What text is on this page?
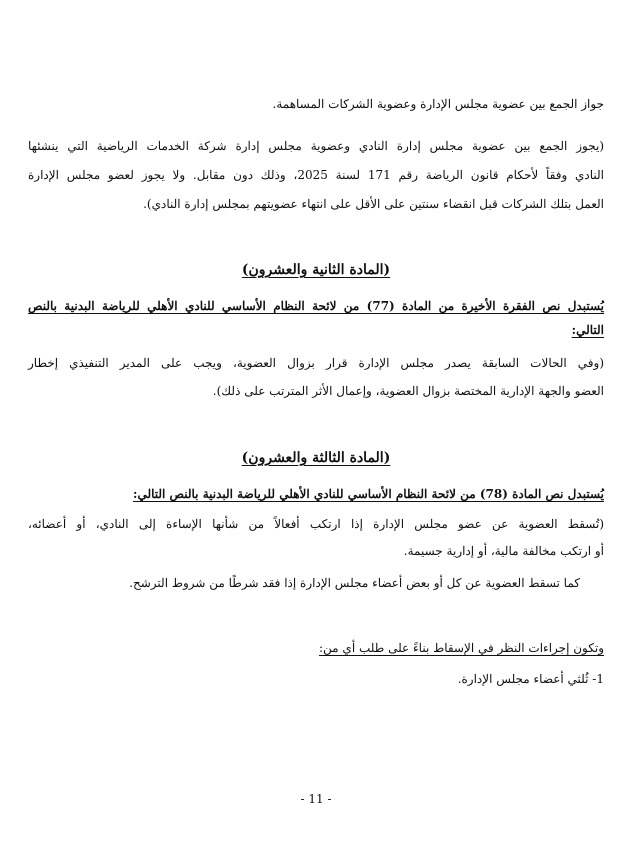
جواز الجمع بين عضوية مجلس الإدارة وعضوية الشركات المساهمة.
(يجوز الجمع بين عضوية مجلس إدارة النادي وعضوية مجلس إدارة شركة الخدمات الرياضية التي ينشئها
النادي وفقاً لأحكام قانون الرياضة رقم 171 لسنة 2025، وذلك دون مقابل. ولا يجوز لعضو مجلس الإدارة
العمل بتلك الشركات قبل انقضاء سنتين على الأقل على انتهاء عضويتهم بمجلس إدارة النادي).
(المادة الثانية والعشرون)
يُستبدل نص الفقرة الأخيرة من المادة (77) من لائحة النظام الأساسي للنادي الأهلي للرياضة البدنية بالنص
التالي:
(وفي الحالات السابقة يصدر مجلس الإدارة قرار بزوال العضوية، ويجب على المدير التنفيذي إخطار
العضو والجهة الإدارية المختصة بزوال العضوية، وإعمال الأثر المترتب على ذلك).
(المادة الثالثة والعشرون)
يُستبدل نص المادة (78) من لائحة النظام الأساسي للنادي الأهلي للرياضة البدنية بالنص التالي:
(تُسقط العضوية عن عضو مجلس الإدارة إذا ارتكب أفعالاً من شأنها الإساءة إلى النادي، أو أعضائه،
أو ارتكب مخالفة مالية، أو إدارية جسيمة.
كما تسقط العضوية عن كل أو بعض أعضاء مجلس الإدارة إذا فقد شرطًا من شروط الترشح.
وتكون إجراءات النظر في الإسقاط بناءً على طلب أي من:
1- ثُلثي أعضاء مجلس الإدارة.
- 11 -
